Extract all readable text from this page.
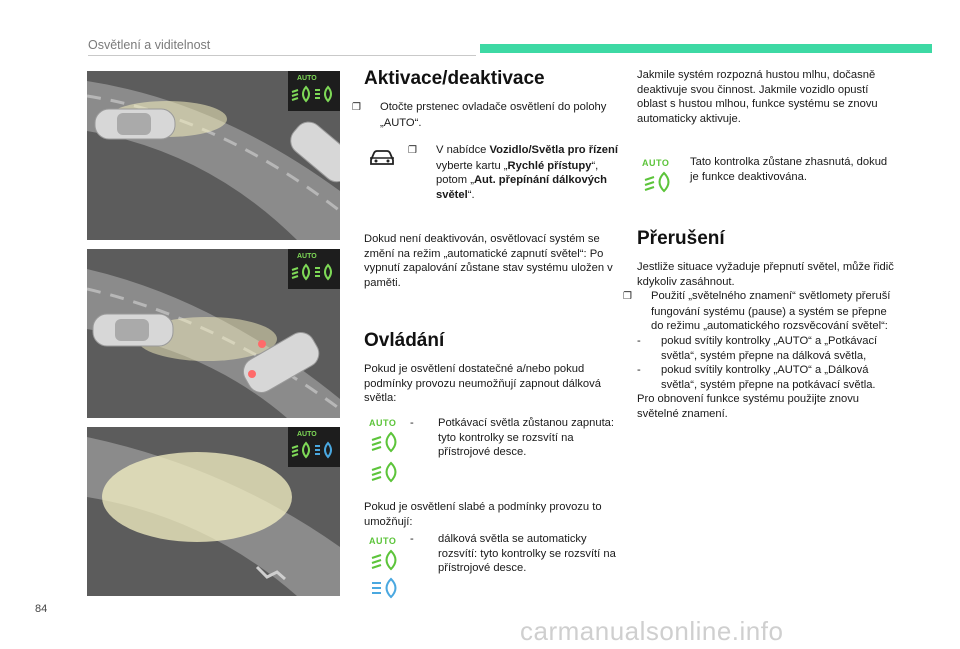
Osvětlení a viditelnost
AUTO
AUTO
AUTO
Aktivace/deaktivace
❐ Otočte prstenec ovladače osvětlení do polohy „AUTO“.
❐ V nabídce Vozidlo/Světla pro řízení vyberte kartu „Rychlé přístupy“, potom „Aut. přepínání dálkových světel“.
Dokud není deaktivován, osvětlovací systém se změní na režim „automatické zapnutí světel“: Po vypnutí zapalování zůstane stav systému uložen v paměti.
Ovládání
Pokud je osvětlení dostatečné a/nebo pokud podmínky provozu neumožňují zapnout dálková světla:
AUTO	- Potkávací světla zůstanou zapnuta: tyto kontrolky se rozsvítí na přístrojové desce.
Pokud je osvětlení slabé a podmínky provozu to umožňují:
AUTO	- dálková světla se automaticky rozsvítí: tyto kontrolky se rozsvítí na přístrojové desce.
Jakmile systém rozpozná hustou mlhu, dočasně deaktivuje svou činnost. Jakmile vozidlo opustí oblast s hustou mlhou, funkce systému se znovu automaticky aktivuje.
AUTO	Tato kontrolka zůstane zhasnutá, dokud je funkce deaktivována.
Přerušení
Jestliže situace vyžaduje přepnutí světel, může řidič kdykoliv zasáhnout.
❐ Použití „světelného znamení“ světlomety přeruší fungování systému (pause) a systém se přepne do režimu „automatického rozsvěcování světel“:
- pokud svítily kontrolky „AUTO“ a „Potkávací světla“, systém přepne na dálková světla,
- pokud svítily kontrolky „AUTO“ a „Dálková světla“, systém přepne na potkávací světla.
Pro obnovení funkce systému použijte znovu světelné znamení.
84
carmanualsonline.info
